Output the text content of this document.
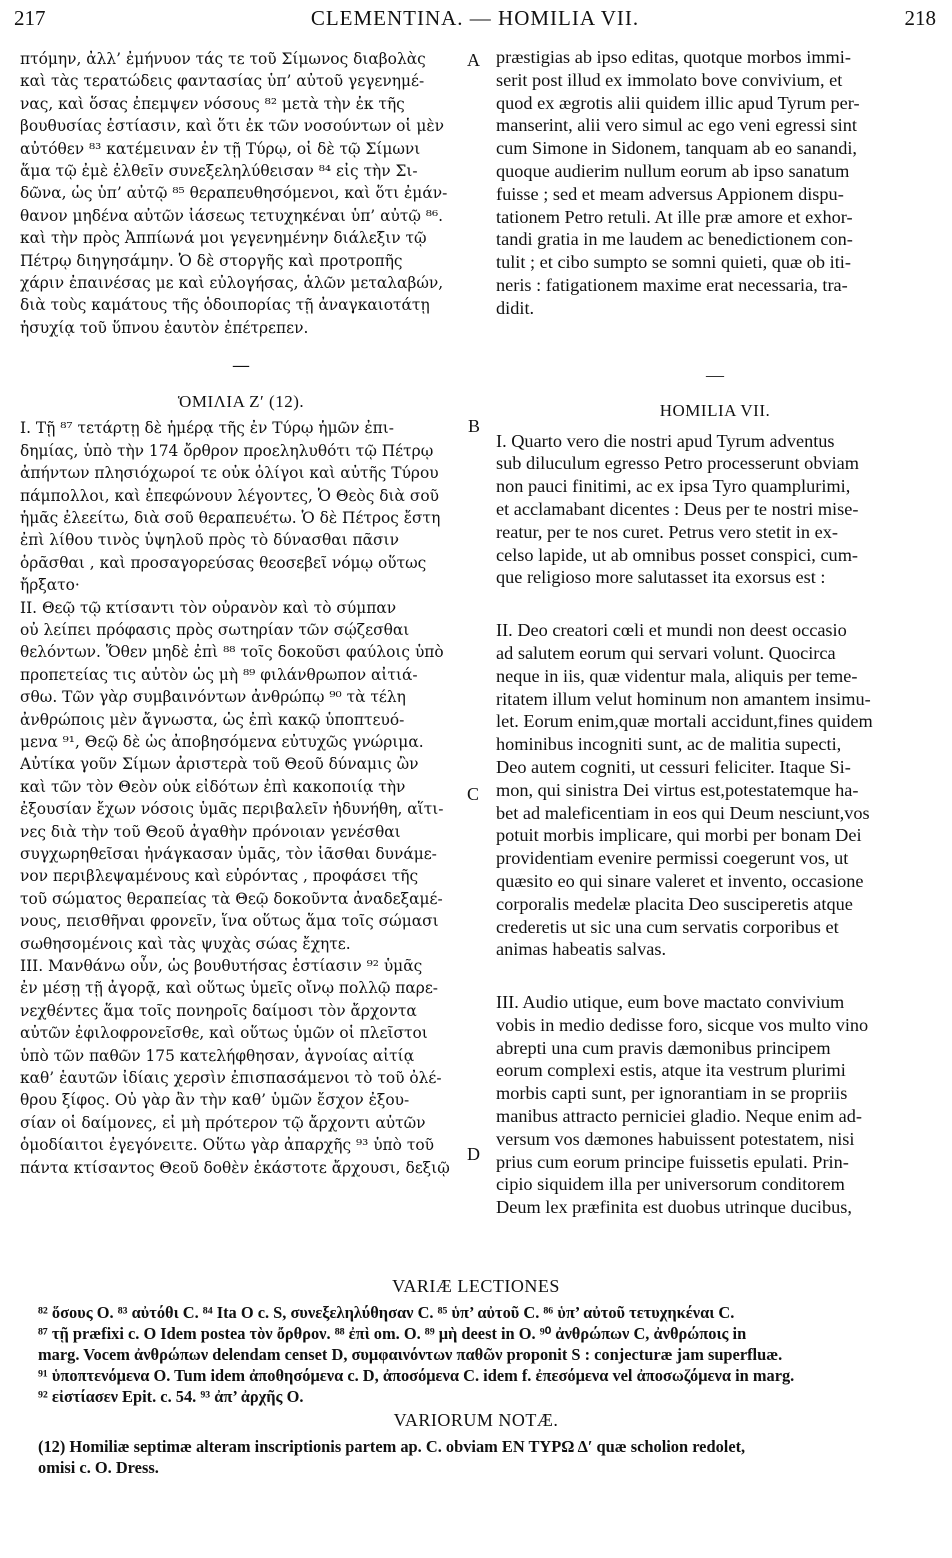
217	CLEMENTINA. — HOMILIA VII.	218
A
B
C
D

πτόμην, ἀλλ’ ἐμήνυον τάς τε τοῦ Σίμωνος διαβολὰς
καὶ τὰς τερατώδεις φαντασίας ὑπ’ αὐτοῦ γεγενημέ-
νας, καὶ ὅσας ἐπεμψεν νόσους ⁸² μετὰ τὴν ἐκ τῆς
βουθυσίας ἑστίασιν, καὶ ὅτι ἐκ τῶν νοσούντων οἱ μὲν
αὐτόθεν ⁸³ κατέμειναν ἐν τῇ Τύρῳ, οἱ δὲ τῷ Σίμωνι
ἅμα τῷ ἐμὲ ἐλθεῖν συνεξεληλύθεισαν ⁸⁴ εἰς τὴν Σι-
δῶνα, ὡς ὑπ’ αὐτῷ ⁸⁵ θεραπευθησόμενοι, καὶ ὅτι ἐμάν-
θανον μηδένα αὐτῶν ἰάσεως τετυχηκέναι ὑπ’ αὐτῷ ⁸⁶.
καὶ τὴν πρὸς Ἀππίωνά μοι γεγενημένην διάλεξιν τῷ
Πέτρῳ διηγησάμην. Ὁ δὲ στοργῆς καὶ προτροπῆς
χάριν ἐπαινέσας με καὶ εὐλογήσας, ἁλῶν μεταλαβών,
διὰ τοὺς καμάτους τῆς ὁδοιπορίας τῇ ἀναγκαιοτάτῃ
ἡσυχίᾳ τοῦ ὕπνου ἑαυτὸν ἐπέτρεπεν.

—
ὉΜΙΛΙΑ Ζ′ (12).

I. Τῇ ⁸⁷ τετάρτῃ δὲ ἡμέρᾳ τῆς ἐν Τύρῳ ἡμῶν ἐπι-
δημίας, ὑπὸ τὴν 174 ὄρθρον προεληλυθότι τῷ Πέτρῳ
ἀπήντων πλησιόχωροί τε οὐκ ὀλίγοι καὶ αὐτῆς Τύρου
πάμπολλοι, καὶ ἐπεφώνουν λέγοντες, Ὁ Θεὸς διὰ σοῦ
ἡμᾶς ἐλεείτω, διὰ σοῦ θεραπευέτω. Ὁ δὲ Πέτρος ἔστη
ἐπὶ λίθου τινὸς ὑψηλοῦ πρὸς τὸ δύνασθαι πᾶσιν
ὁρᾶσθαι , καὶ προσαγορεύσας θεοσεβεῖ νόμῳ οὕτως
ἤρξατο·

II. Θεῷ τῷ κτίσαντι τὸν οὐρανὸν καὶ τὸ σύμπαν
οὐ λείπει πρόφασις πρὸς σωτηρίαν τῶν σῴζεσθαι
θελόντων. Ὅθεν μηδὲ ἐπὶ ⁸⁸ τοῖς δοκοῦσι φαύλοις ὑπὸ
προπετείας τις αὐτὸν ὡς μὴ ⁸⁹ φιλάνθρωπον αἰτιά-
σθω. Τῶν γὰρ συμβαινόντων ἀνθρώπῳ ⁹⁰ τὰ τέλη
ἀνθρώποις μὲν ἄγνωστα, ὡς ἐπὶ κακῷ ὑποπτευό-
μενα ⁹¹, Θεῷ δὲ ὡς ἀποβησόμενα εὐτυχῶς γνώριμα.
Αὐτίκα γοῦν Σίμων ἀριστερὰ τοῦ Θεοῦ δύναμις ὢν
καὶ τῶν τὸν Θεὸν οὐκ εἰδότων ἐπὶ κακοποιίᾳ τὴν
ἐξουσίαν ἔχων νόσοις ὑμᾶς περιβαλεῖν ἠδυνήθη, αἵτι-
νες διὰ τὴν τοῦ Θεοῦ ἀγαθὴν πρόνοιαν γενέσθαι
συγχωρηθεῖσαι ἠνάγκασαν ὑμᾶς, τὸν ἰᾶσθαι δυνάμε-
νον περιβλεψαμένους καὶ εὑρόντας , προφάσει τῆς
τοῦ σώματος θεραπείας τὰ Θεῷ δοκοῦντα ἀναδεξαμέ-
νους, πεισθῆναι φρονεῖν, ἵνα οὕτως ἅμα τοῖς σώμασι
σωθησομένοις καὶ τὰς ψυχὰς σώας ἔχητε.

III. Μανθάνω οὖν, ὡς βουθυτήσας ἑστίασιν ⁹² ὑμᾶς
ἐν μέσῃ τῇ ἀγορᾷ, καὶ οὕτως ὑμεῖς οἴνῳ πολλῷ παρε-
νεχθέντες ἅμα τοῖς πονηροῖς δαίμοσι τὸν ἄρχοντα
αὐτῶν ἐφιλοφρονεῖσθε, καὶ οὕτως ὑμῶν οἱ πλεῖστοι
ὑπὸ τῶν παθῶν 175 κατελήφθησαν, ἀγνοίας αἰτίᾳ
καθ’ ἑαυτῶν ἰδίαις χερσὶν ἐπισπασάμενοι τὸ τοῦ ὀλέ-
θρου ξίφος. Οὐ γὰρ ἂν τὴν καθ’ ὑμῶν ἔσχον ἐξου-
σίαν οἱ δαίμονες, εἰ μὴ πρότερον τῷ ἄρχοντι αὐτῶν
ὁμοδίαιτοι ἐγεγόνειτε. Οὕτω γὰρ ἀπαρχῆς ⁹³ ὑπὸ τοῦ
πάντα κτίσαντος Θεοῦ δοθὲν ἑκάστοτε ἄρχουσι, δεξιῷ

præstigias ab ipso editas, quotque morbos immi-
serit post illud ex immolato bove convivium, et
quod ex ægrotis alii quidem illic apud Tyrum per-
manserint, alii vero simul ac ego veni egressi sint
cum Simone in Sidonem, tanquam ab eo sanandi,
quoque audierim nullum eorum ab ipso sanatum
fuisse ; sed et meam adversus Appionem dispu-
tationem Petro retuli. At ille præ amore et exhor-
tandi gratia in me laudem ac benedictionem con-
tulit ; et cibo sumpto se somni quieti, quæ ob iti-
neris : fatigationem maxime erat necessaria, tra-
didit.

—
HOMILIA VII.

I. Quarto vero die nostri apud Tyrum adventus
sub diluculum egresso Petro processerunt obviam
non pauci finitimi, ac ex ipsa Tyro quamplurimi,
et acclamabant dicentes : Deus per te nostri mise-
reatur, per te nos curet. Petrus vero stetit in ex-
celso lapide, ut ab omnibus posset conspici, cum-
que religioso more salutasset ita exorsus est :

II. Deo creatori cœli et mundi non deest occasio
ad salutem eorum qui servari volunt. Quocirca
neque in iis, quæ videntur mala, aliquis per teme-
ritatem illum velut hominum non amantem insimu-
let. Eorum enim,quæ mortali accidunt,fines quidem
hominibus incogniti sunt, ac de malitia supecti,
Deo autem cogniti, ut cessuri feliciter. Itaque Si-
mon, qui sinistra Dei virtus est,potestatemque ha-
bet ad maleficentiam in eos qui Deum nesciunt,vos
potuit morbis implicare, qui morbi per bonam Dei
providentiam evenire permissi coegerunt vos, ut
quæsito eo qui sinare valeret et invento, occasione
corporalis medelæ placita Deo susciperetis atque
crederetis ut sic una cum servatis corporibus et
animas habeatis salvas.

III. Audio utique, eum bove mactato convivium
vobis in medio dedisse foro, sicque vos multo vino
abrepti una cum pravis dæmonibus principem
eorum complexi estis, atque ita vestrum plurimi
morbis capti sunt, per ignorantiam in se propriis
manibus attracto perniciei gladio. Neque enim ad-
versum vos dæmones habuissent potestatem, nisi
prius cum eorum principe fuissetis epulati. Prin-
cipio siquidem illa per universorum conditorem
Deum lex præfinita est duobus utrinque ducibus,

VARIÆ LECTIONES
⁸² ὅσους O. ⁸³ αὐτόθι C. ⁸⁴ Ita O c. S, συνεξεληλύθησαν C. ⁸⁵ ὑπ’ αὐτοῦ C. ⁸⁶ ὑπ’ αὐτοῦ τετυχηκέναι C.
⁸⁷ τῇ præfixi c. O Idem postea τὸν ὄρθρον. ⁸⁸ ἐπὶ om. O. ⁸⁹ μὴ deest in O. ⁹⁰ ἀνθρώπων C, ἀνθρώποις in
marg. Vocem ἀνθρώπων delendam censet D, συμφαινόντων παθῶν proponit S : conjecturæ jam superfluæ.
⁹¹ ὑποπτενόμενα O. Tum idem ἀποθησόμενα c. D, ἀποσόμενα C. idem f. ἐπεσόμενα vel ἀποσωζόμενα in marg.
⁹² εἰστίασεν Epit. c. 54. ⁹³ ἀπ’ ἀρχῆς O.
VARIORUM NOTÆ.
(12) Homiliæ septimæ alteram inscriptionis partem ap. C. obviam ΕΝ ΤΥΡΩ Δ′ quæ scholion redolet,
omisi c. O. Dress.
